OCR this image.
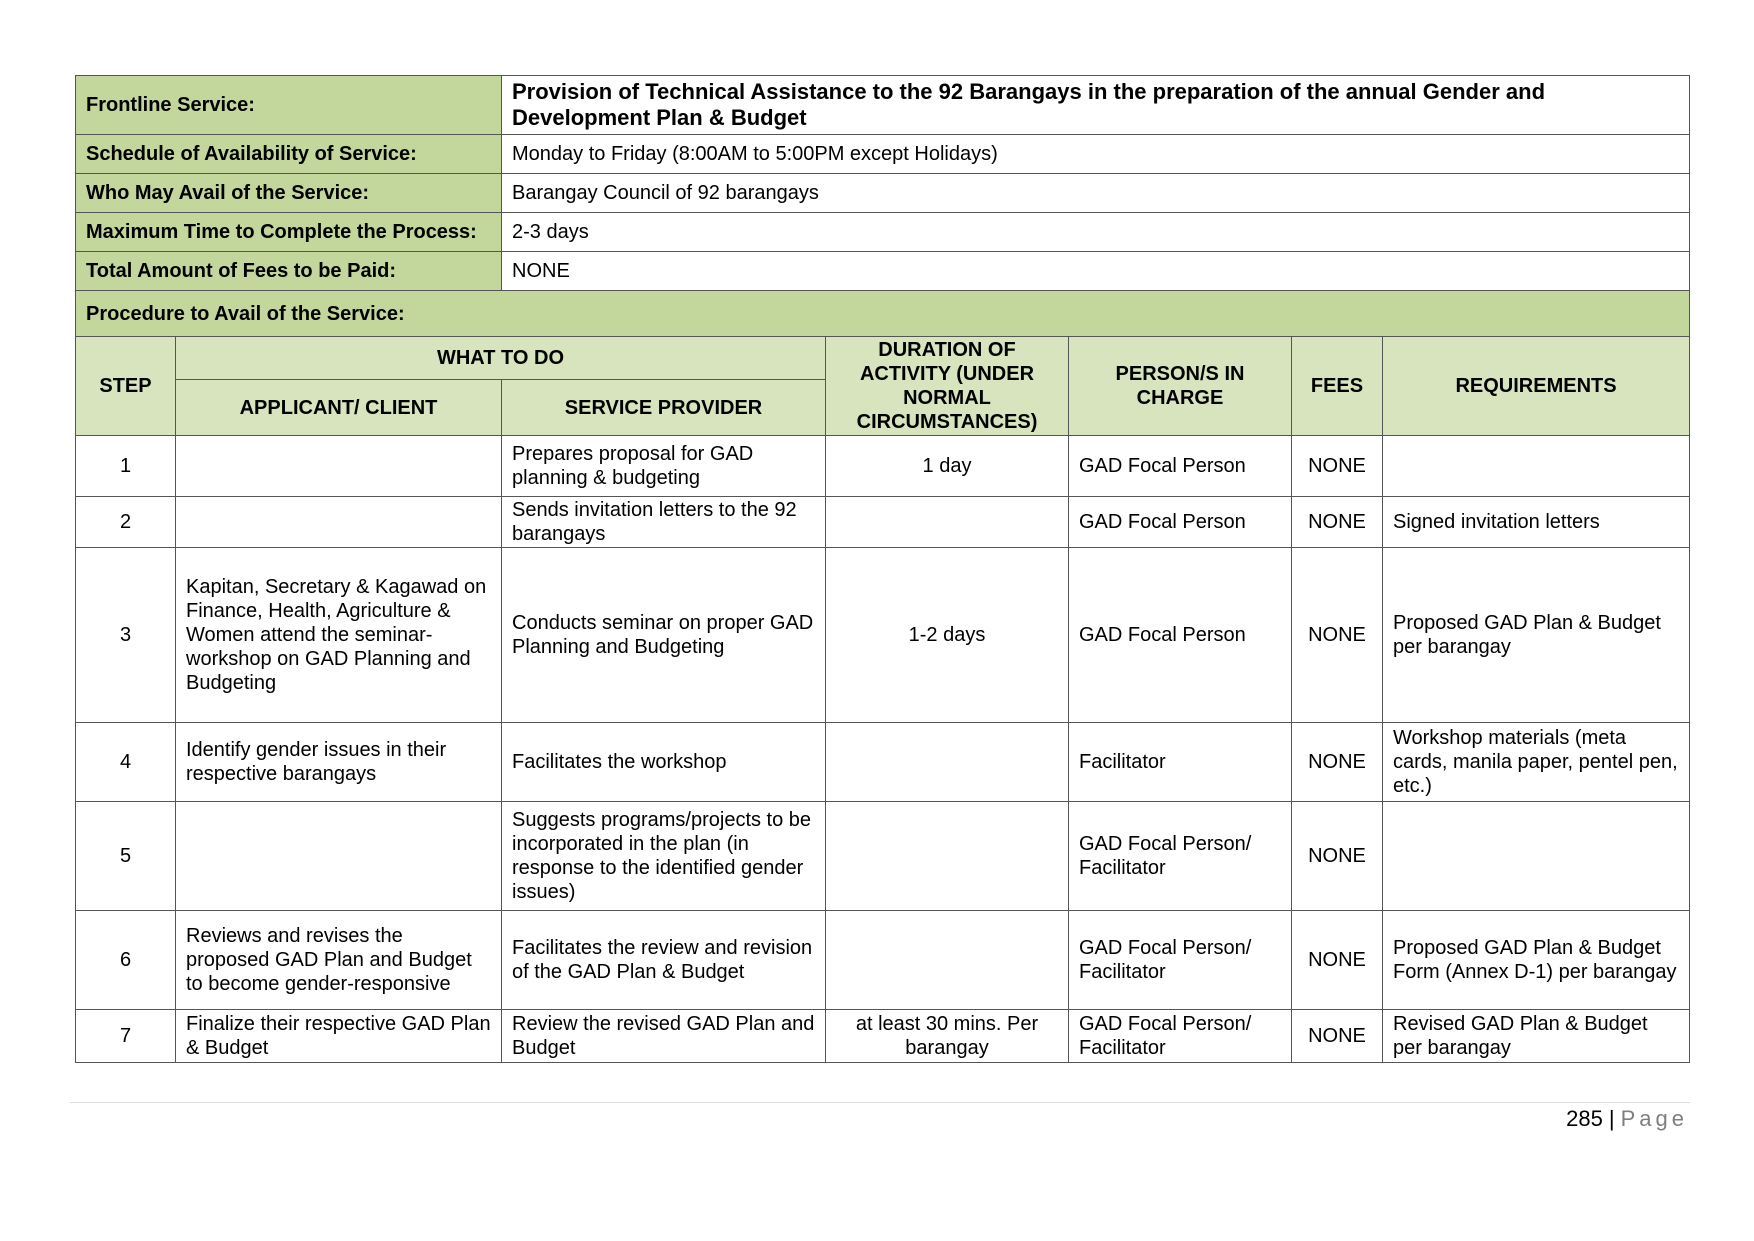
Frontline Service:		Provision of Technical Assistance to the 92 Barangays in the preparation of the annual Gender and Development Plan & Budget				
Schedule of Availability of Service:		Monday to Friday (8:00AM to 5:00PM except Holidays)				
Who May Avail of the Service:		Barangay Council of 92 barangays				
Maximum Time to Complete the Process:		2-3 days				
Total Amount of Fees to be Paid:		NONE				
Procedure to Avail of the Service:						
STEP	WHAT TO DO		DURATION OF ACTIVITY (UNDER NORMAL CIRCUMSTANCES)	PERSON/S IN CHARGE	FEES	REQUIREMENTS
	APPLICANT/ CLIENT	SERVICE PROVIDER				
1		Prepares proposal for GAD planning & budgeting	1 day	GAD Focal Person	NONE	
2		Sends invitation letters to the 92 barangays		GAD Focal Person	NONE	Signed invitation letters
3	Kapitan, Secretary & Kagawad on Finance, Health, Agriculture & Women attend the seminar-workshop on GAD Planning and Budgeting	Conducts seminar on proper GAD Planning and Budgeting	1-2 days	GAD Focal Person	NONE	Proposed GAD Plan & Budget per barangay
4	Identify gender issues in their respective barangays	Facilitates the workshop		Facilitator	NONE	Workshop materials (meta cards, manila paper, pentel pen, etc.)
5		Suggests programs/projects to be incorporated in the plan (in response to the identified gender issues)		GAD Focal Person/ Facilitator	NONE	
6	Reviews and revises the proposed GAD Plan and Budget to become gender-responsive	Facilitates the review and revision of the GAD Plan & Budget		GAD Focal Person/ Facilitator	NONE	Proposed GAD Plan & Budget Form (Annex D-1) per barangay
7	Finalize their respective GAD Plan & Budget	Review the revised GAD Plan and Budget	at least 30 mins. Per barangay	GAD Focal Person/ Facilitator	NONE	Revised GAD Plan & Budget per barangay
285 | Page
